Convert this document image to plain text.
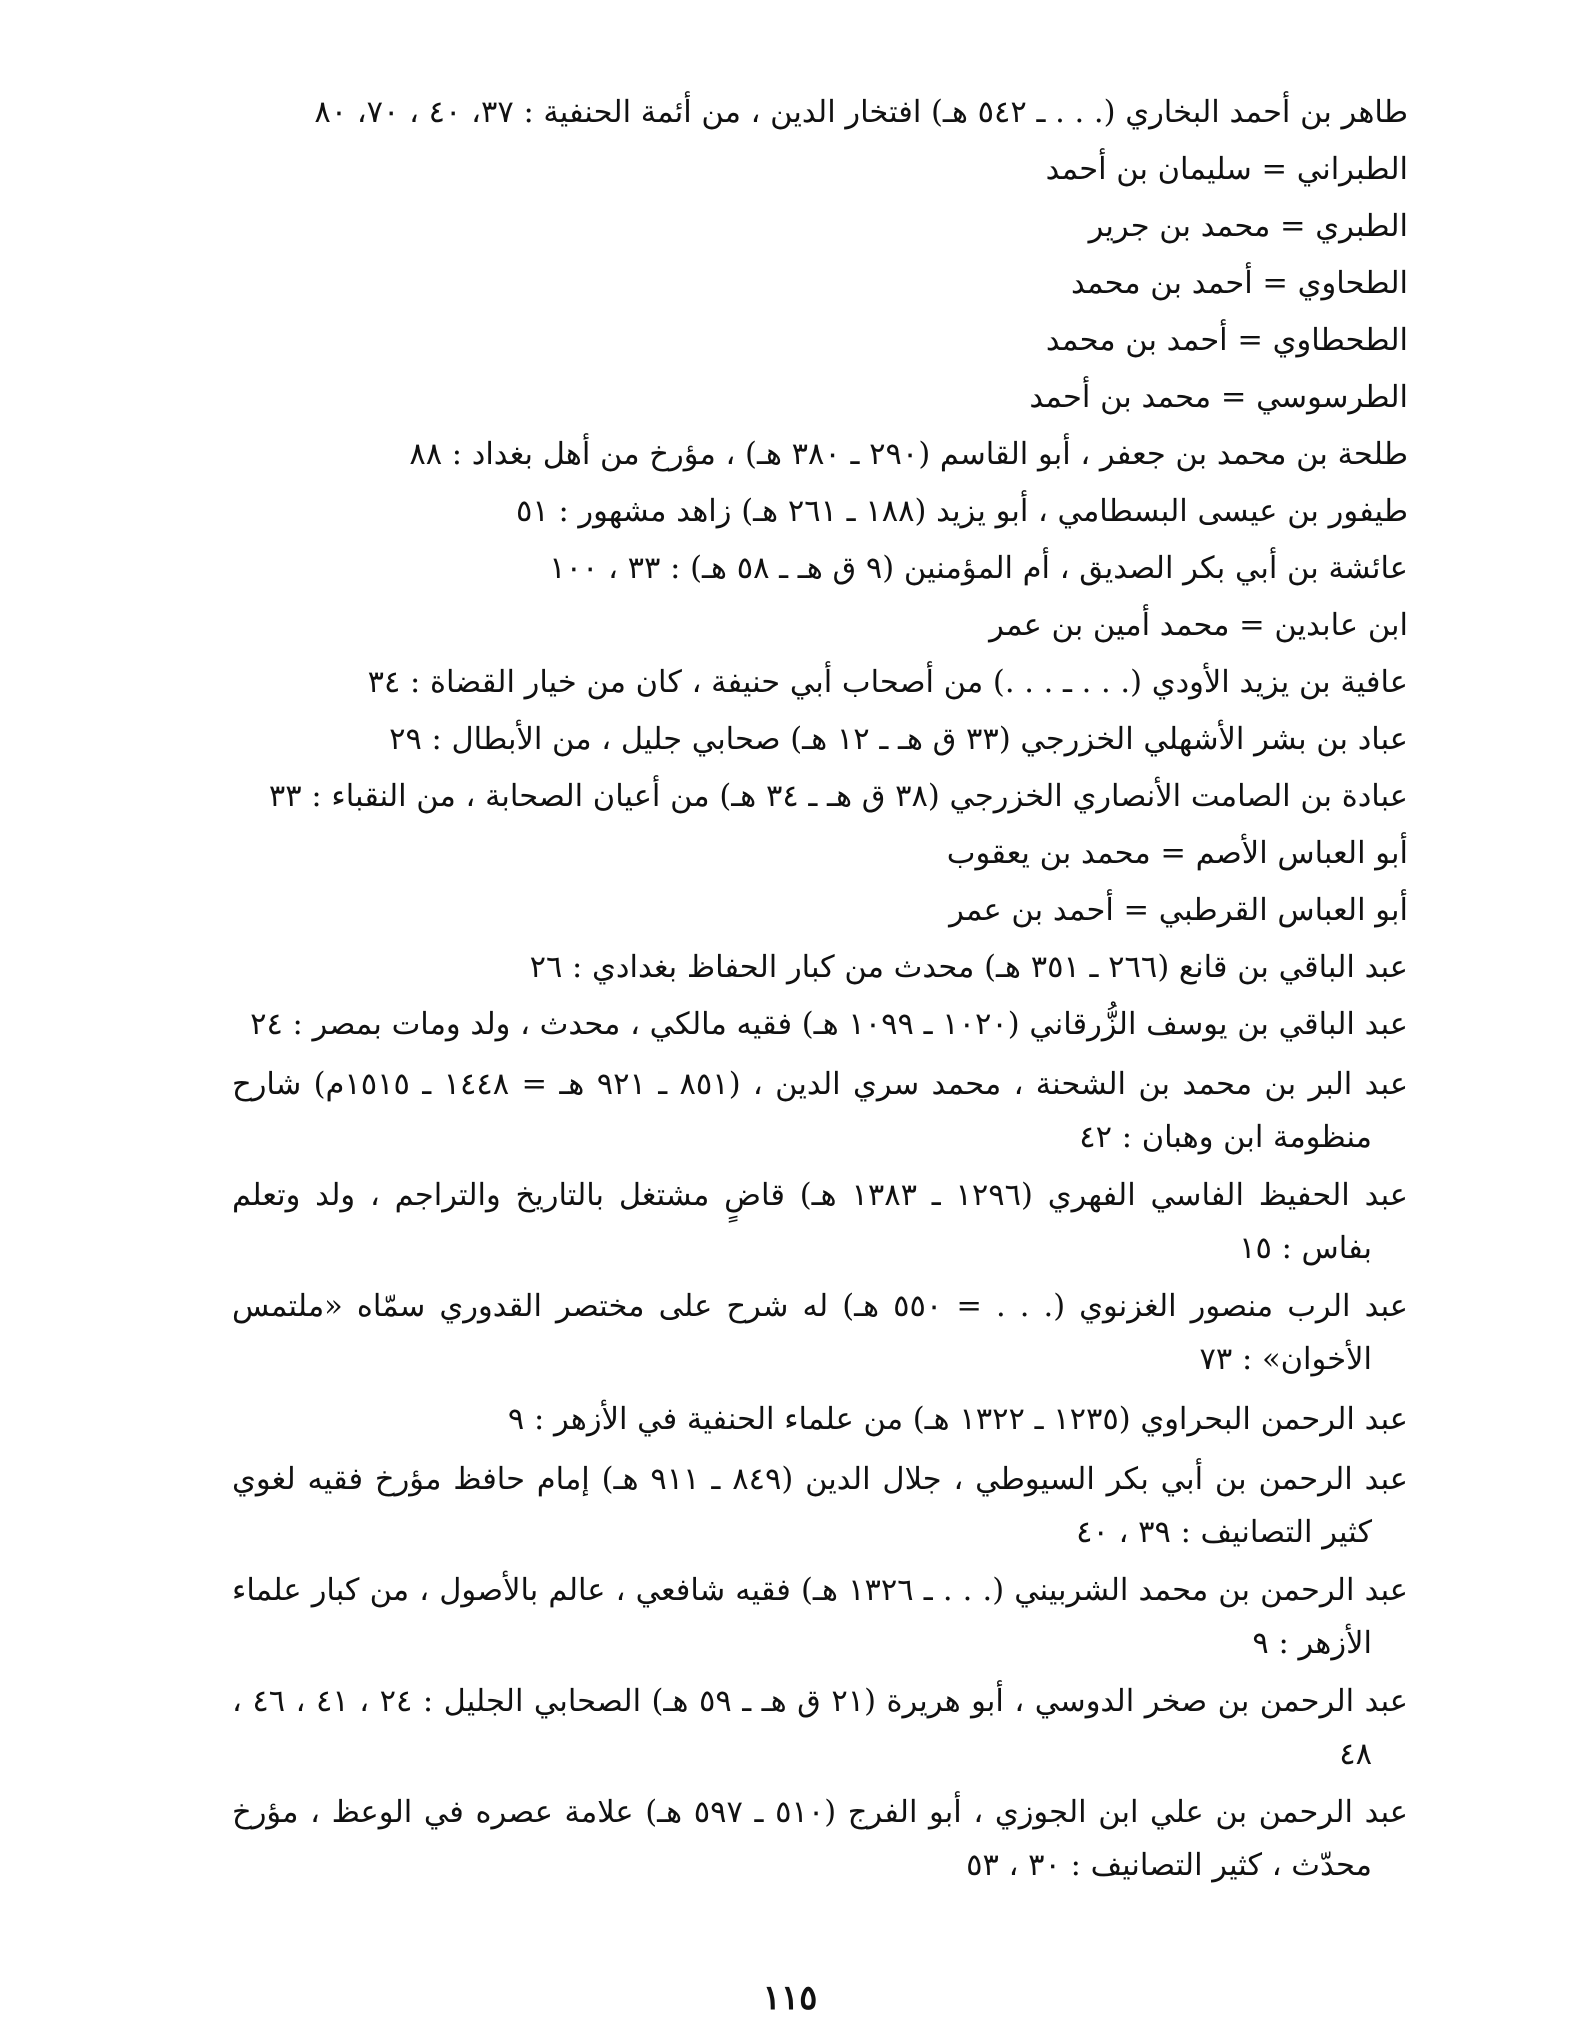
طاهر بن أحمد البخاري (. . . ـ ٥٤٢ هـ) افتخار الدين ، من أئمة الحنفية : ٣٧، ٤٠ ، ٧٠، ٨٠

الطبراني = سليمان بن أحمد

الطبري = محمد بن جرير

الطحاوي = أحمد بن محمد

الطحطاوي = أحمد بن محمد

الطرسوسي = محمد بن أحمد

طلحة بن محمد بن جعفر ، أبو القاسم (٢٩٠ ـ ٣٨٠ هـ) ، مؤرخ من أهل بغداد : ٨٨

طيفور بن عيسى البسطامي ، أبو يزيد (١٨٨ ـ ٢٦١ هـ) زاهد مشهور : ٥١

عائشة بن أبي بكر الصديق ، أم المؤمنين (٩ ق هـ ـ ٥٨ هـ) : ٣٣ ، ١٠٠

ابن عابدين = محمد أمين بن عمر

عافية بن يزيد الأودي (. . . ـ . . .) من أصحاب أبي حنيفة ، كان من خيار القضاة : ٣٤

عباد بن بشر الأشهلي الخزرجي (٣٣ ق هـ ـ ١٢ هـ) صحابي جليل ، من الأبطال : ٢٩

عبادة بن الصامت الأنصاري الخزرجي (٣٨ ق هـ ـ ٣٤ هـ) من أعيان الصحابة ، من النقباء : ٣٣

أبو العباس الأصم = محمد بن يعقوب

أبو العباس القرطبي = أحمد بن عمر

عبد الباقي بن قانع (٢٦٦ ـ ٣٥١ هـ) محدث من كبار الحفاظ بغدادي : ٢٦

عبد الباقي بن يوسف الزُّرقاني (١٠٢٠ ـ ١٠٩٩ هـ) فقيه مالكي ، محدث ، ولد ومات بمصر : ٢٤

عبد البر بن محمد بن الشحنة ، محمد سري الدين ، (٨٥١ ـ ٩٢١ هـ = ١٤٤٨ ـ ١٥١٥م) شارح منظومة ابن وهبان : ٤٢

عبد الحفيظ الفاسي الفهري (١٢٩٦ ـ ١٣٨٣ هـ) قاضٍ مشتغل بالتاريخ والتراجم ، ولد وتعلم بفاس : ١٥

عبد الرب منصور الغزنوي (. . . = ٥٥٠ هـ) له شرح على مختصر القدوري سمّاه «ملتمس الأخوان» : ٧٣

عبد الرحمن البحراوي (١٢٣٥ ـ ١٣٢٢ هـ) من علماء الحنفية في الأزهر : ٩

عبد الرحمن بن أبي بكر السيوطي ، جلال الدين (٨٤٩ ـ ٩١١ هـ) إمام حافظ مؤرخ فقيه لغوي كثير التصانيف : ٣٩ ، ٤٠

عبد الرحمن بن محمد الشربيني (. . . ـ ١٣٢٦ هـ) فقيه شافعي ، عالم بالأصول ، من كبار علماء الأزهر : ٩

عبد الرحمن بن صخر الدوسي ، أبو هريرة (٢١ ق هـ ـ ٥٩ هـ) الصحابي الجليل : ٢٤ ، ٤١ ، ٤٦ ، ٤٨

عبد الرحمن بن علي ابن الجوزي ، أبو الفرج (٥١٠ ـ ٥٩٧ هـ) علامة عصره في الوعظ ، مؤرخ محدّث ، كثير التصانيف : ٣٠ ، ٥٣

١١٥
